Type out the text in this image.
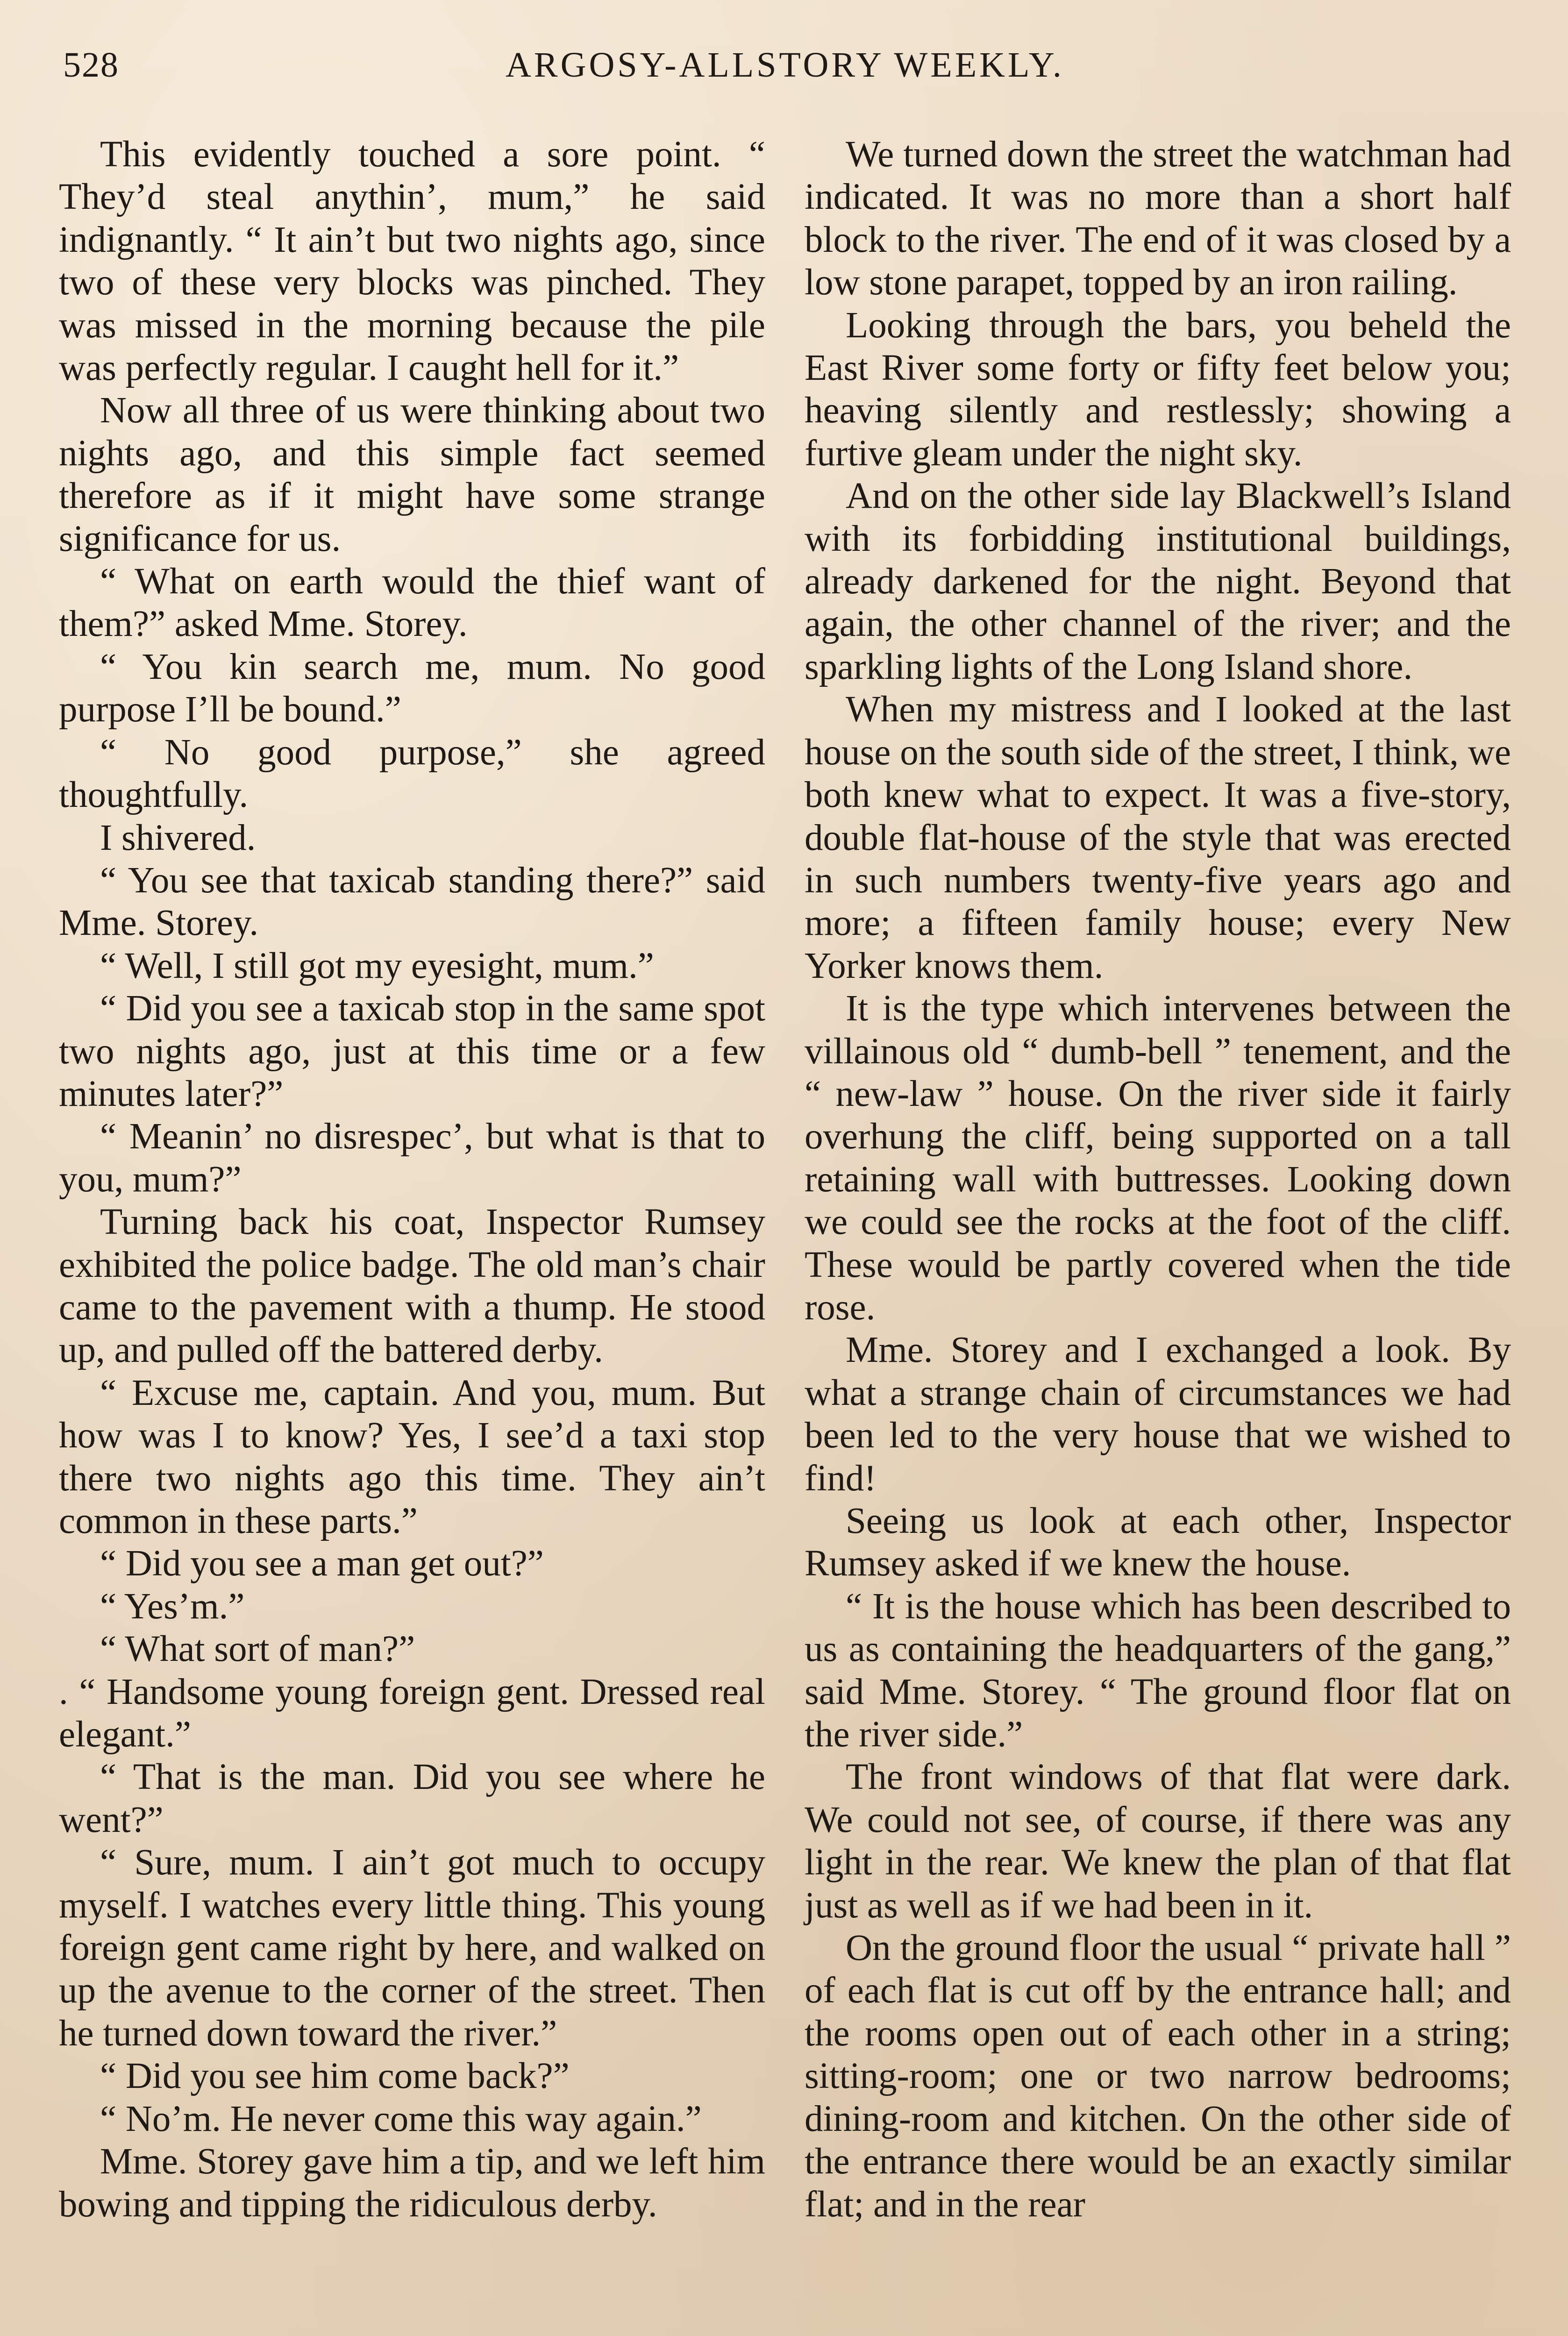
528	ARGOSY-ALLSTORY WEEKLY.

This evidently touched a sore point. “ They’d steal anythin’, mum,” he said indignantly. “ It ain’t but two nights ago, since two of these very blocks was pinched. They was missed in the morning because the pile was perfectly regular. I caught hell for it.”

Now all three of us were thinking about two nights ago, and this simple fact seemed therefore as if it might have some strange significance for us.

“ What on earth would the thief want of them?” asked Mme. Storey.

“ You kin search me, mum. No good purpose I’ll be bound.”

“ No good purpose,” she agreed thoughtfully.

I shivered.

“ You see that taxicab standing there?” said Mme. Storey.

“ Well, I still got my eyesight, mum.”

“ Did you see a taxicab stop in the same spot two nights ago, just at this time or a few minutes later?”

“ Meanin’ no disrespec’, but what is that to you, mum?”

Turning back his coat, Inspector Rumsey exhibited the police badge. The old man’s chair came to the pavement with a thump. He stood up, and pulled off the battered derby.

“ Excuse me, captain. And you, mum. But how was I to know? Yes, I see’d a taxi stop there two nights ago this time. They ain’t common in these parts.”

“ Did you see a man get out?”

“ Yes’m.”

“ What sort of man?”

. “ Handsome young foreign gent. Dressed real elegant.”

“ That is the man. Did you see where he went?”

“ Sure, mum. I ain’t got much to occupy myself. I watches every little thing. This young foreign gent came right by here, and walked on up the avenue to the corner of the street. Then he turned down toward the river.”

“ Did you see him come back?”

“ No’m. He never come this way again.”

Mme. Storey gave him a tip, and we left him bowing and tipping the ridiculous derby.

We turned down the street the watchman had indicated. It was no more than a short half block to the river. The end of it was closed by a low stone parapet, topped by an iron railing.

Looking through the bars, you beheld the East River some forty or fifty feet below you; heaving silently and restlessly; showing a furtive gleam under the night sky.

And on the other side lay Blackwell’s Island with its forbidding institutional buildings, already darkened for the night. Beyond that again, the other channel of the river; and the sparkling lights of the Long Island shore.

When my mistress and I looked at the last house on the south side of the street, I think, we both knew what to expect. It was a five-story, double flat-house of the style that was erected in such numbers twenty-five years ago and more; a fifteen family house; every New Yorker knows them.

It is the type which intervenes between the villainous old “ dumb-bell ” tenement, and the “ new-law ” house. On the river side it fairly overhung the cliff, being supported on a tall retaining wall with buttresses. Looking down we could see the rocks at the foot of the cliff. These would be partly covered when the tide rose.

Mme. Storey and I exchanged a look. By what a strange chain of circumstances we had been led to the very house that we wished to find!

Seeing us look at each other, Inspector Rumsey asked if we knew the house.

“ It is the house which has been described to us as containing the headquarters of the gang,” said Mme. Storey. “ The ground floor flat on the river side.”

The front windows of that flat were dark. We could not see, of course, if there was any light in the rear. We knew the plan of that flat just as well as if we had been in it.

On the ground floor the usual “ private hall ” of each flat is cut off by the entrance hall; and the rooms open out of each other in a string; sitting-room; one or two narrow bedrooms; dining-room and kitchen. On the other side of the entrance there would be an exactly similar flat; and in the rear
